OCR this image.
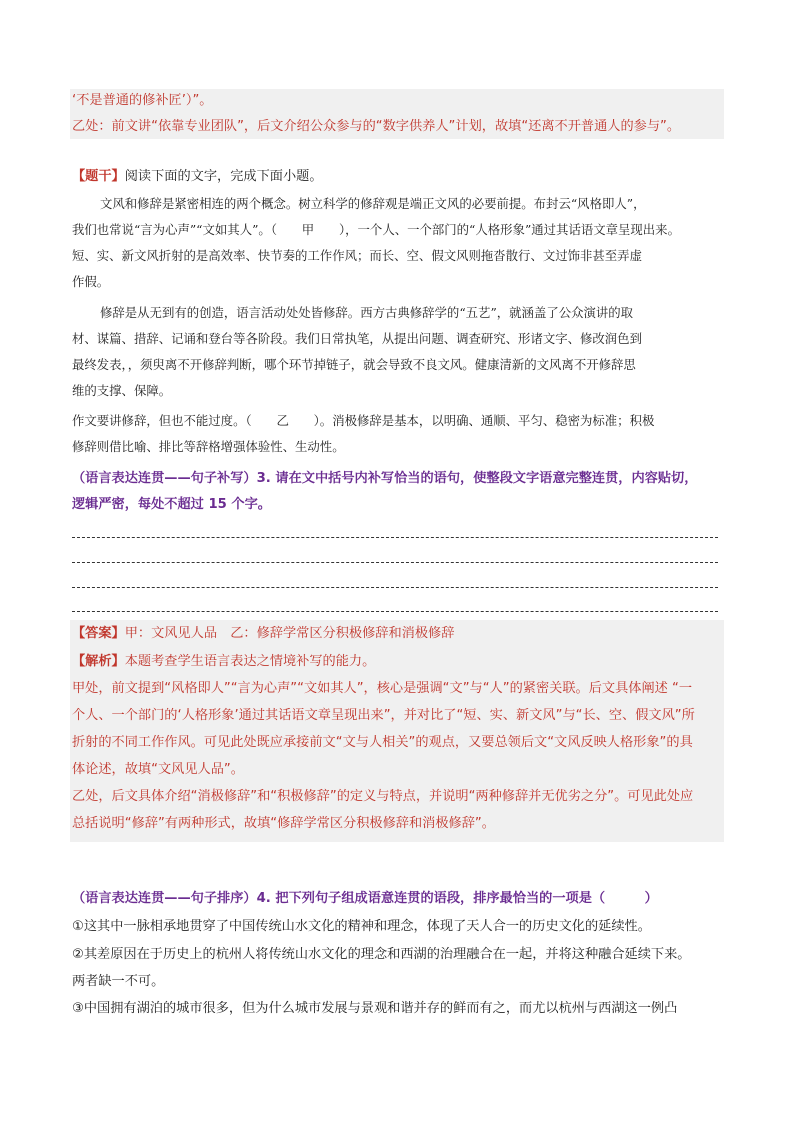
‘不是普通的修补匠’）”。
乙处：前文讲“依靠专业团队”，后文介绍公众参与的“数字供养人”计划，故填“还离不开普通人的参与”。
【题干】阅读下面的文字，完成下面小题。
文风和修辞是紧密相连的两个概念。树立科学的修辞观是端正文风的必要前提。布封云“风格即人”，
我们也常说“言为心声”“文如其人”。（　　甲　　），一个人、一个部门的“人格形象”通过其话语文章呈现出来。
短、实、新文风折射的是高效率、快节奏的工作作风；而长、空、假文风则拖沓散行、文过饰非甚至弄虚
作假。
修辞是从无到有的创造，语言活动处处皆修辞。西方古典修辞学的“五艺”，就涵盖了公众演讲的取
材、谋篇、措辞、记诵和登台等各阶段。我们日常执笔，从提出问题、调查研究、形诸文字、修改润色到
最终发表，，须臾离不开修辞判断，哪个环节掉链子，就会导致不良文风。健康清新的文风离不开修辞思
维的支撑、保障。
作文要讲修辞，但也不能过度。（　　乙　　）。消极修辞是基本，以明确、通顺、平匀、稳密为标准；积极
修辞则借比喻、排比等辞格增强体验性、生动性。
（语言表达连贯——句子补写）3. 请在文中括号内补写恰当的语句，使整段文字语意完整连贯，内容贴切，
逻辑严密，每处不超过 15 个字。
【答案】甲：文风见人品　乙：修辞学常区分积极修辞和消极修辞
【解析】本题考查学生语言表达之情境补写的能力。
甲处，前文提到“风格即人”“言为心声”“文如其人”，核心是强调“文”与“人”的紧密关联。后文具体阐述 “一
个人、一个部门的‘人格形象’通过其话语文章呈现出来”，并对比了“短、实、新文风”与“长、空、假文风”所
折射的不同工作作风。可见此处既应承接前文“文与人相关”的观点，又要总领后文“文风反映人格形象”的具
体论述，故填“文风见人品”。
乙处，后文具体介绍“消极修辞”和“积极修辞”的定义与特点，并说明“两种修辞并无优劣之分”。可见此处应
总括说明“修辞”有两种形式，故填“修辞学常区分积极修辞和消极修辞”。
（语言表达连贯——句子排序）4. 把下列句子组成语意连贯的语段，排序最恰当的一项是（　　　）
①这其中一脉相承地贯穿了中国传统山水文化的精神和理念，体现了天人合一的历史文化的延续性。
②其差原因在于历史上的杭州人将传统山水文化的理念和西湖的治理融合在一起，并将这种融合延续下来。
两者缺一不可。
③中国拥有湖泊的城市很多，但为什么城市发展与景观和谐并存的鲜而有之，而尤以杭州与西湖这一例凸
